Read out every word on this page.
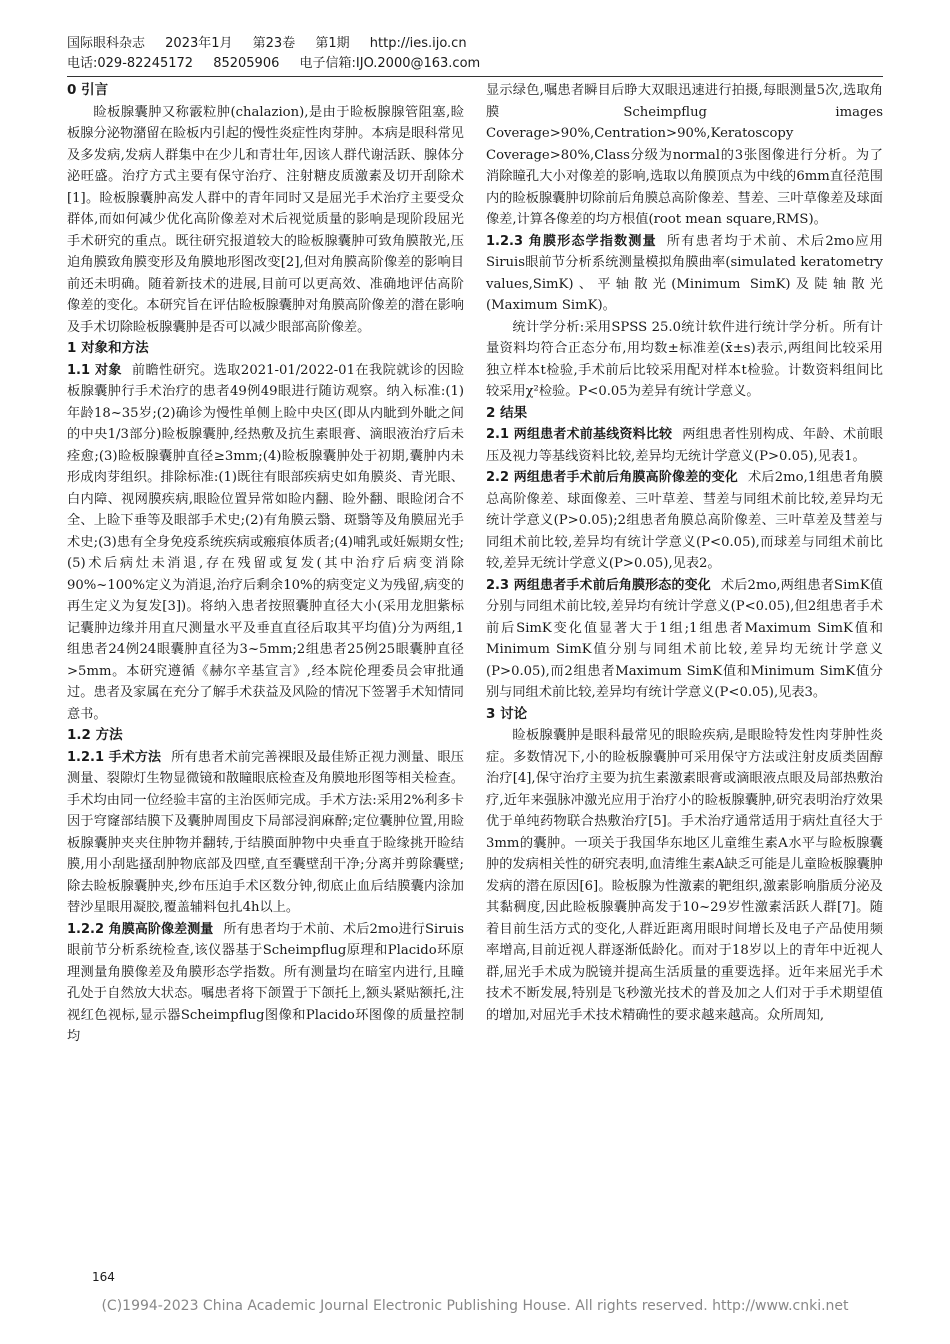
国际眼科杂志 2023年1月 第23卷 第1期 http://ies.ijo.cn
电话:029-82245172 85205906 电子信箱:IJO.2000@163.com
0 引言

睑板腺囊肿又称霰粒肿(chalazion),是由于睑板腺腺管阻塞,睑板腺分泌物潴留在睑板内引起的慢性炎症性肉芽肿。本病是眼科常见及多发病,发病人群集中在少儿和青壮年,因该人群代谢活跃、腺体分泌旺盛。治疗方式主要有保守治疗、注射糖皮质激素及切开刮除术[1]。睑板腺囊肿高发人群中的青年同时又是屈光手术治疗主要受众群体,而如何减少优化高阶像差对术后视觉质量的影响是现阶段屈光手术研究的重点。既往研究报道较大的睑板腺囊肿可致角膜散光,压迫角膜致角膜变形及角膜地形图改变[2],但对角膜高阶像差的影响目前还未明确。随着新技术的进展,目前可以更高效、准确地评估高阶像差的变化。本研究旨在评估睑板腺囊肿对角膜高阶像差的潜在影响及手术切除睑板腺囊肿是否可以减少眼部高阶像差。

1 对象和方法

1.1 对象 前瞻性研究。选取2021-01/2022-01在我院就诊的因睑板腺囊肿行手术治疗的患者49例49眼进行随访观察。纳入标准:(1)年龄18~35岁;(2)确诊为慢性单侧上睑中央区(即从内眦到外眦之间的中央1/3部分)睑板腺囊肿,经热敷及抗生素眼膏、滴眼液治疗后未痊愈;(3)睑板腺囊肿直径≥3mm;(4)睑板腺囊肿处于初期,囊肿内未形成肉芽组织。排除标准:(1)既往有眼部疾病史如角膜炎、青光眼、白内障、视网膜疾病,眼睑位置异常如睑内翻、睑外翻、眼睑闭合不全、上睑下垂等及眼部手术史;(2)有角膜云翳、斑翳等及角膜屈光手术史;(3)患有全身免疫系统疾病或瘢痕体质者;(4)哺乳或妊娠期女性;(5)术后病灶未消退,存在残留或复发(其中治疗后病变消除90%~100%定义为消退,治疗后剩余10%的病变定义为残留,病变的再生定义为复发[3])。将纳入患者按照囊肿直径大小(采用龙胆紫标记囊肿边缘并用直尺测量水平及垂直直径后取其平均值)分为两组,1组患者24例24眼囊肿直径为3~5mm;2组患者25例25眼囊肿直径>5mm。本研究遵循《赫尔辛基宣言》,经本院伦理委员会审批通过。患者及家属在充分了解手术获益及风险的情况下签署手术知情同意书。

1.2 方法

1.2.1 手术方法 所有患者术前完善裸眼及最佳矫正视力测量、眼压测量、裂隙灯生物显微镜和散瞳眼底检查及角膜地形图等相关检查。手术均由同一位经验丰富的主治医师完成。手术方法:采用2%利多卡因于穹窿部结膜下及囊肿周围皮下局部浸润麻醉;定位囊肿位置,用睑板腺囊肿夹夹住肿物并翻转,于结膜面肿物中央垂直于睑缘挑开睑结膜,用小刮匙搔刮肿物底部及四壁,直至囊壁刮干净;分离并剪除囊壁;除去睑板腺囊肿夹,纱布压迫手术区数分钟,彻底止血后结膜囊内涂加替沙星眼用凝胶,覆盖辅料包扎4h以上。

1.2.2 角膜高阶像差测量 所有患者均于术前、术后2mo进行Siruis眼前节分析系统检查,该仪器基于Scheimpflug原理和Placido环原理测量角膜像差及角膜形态学指数。所有测量均在暗室内进行,且瞳孔处于自然放大状态。嘱患者将下颌置于下颌托上,额头紧贴额托,注视红色视标,显示器Scheimpflug图像和Placido环图像的质量控制均

显示绿色,嘱患者瞬目后睁大双眼迅速进行拍摄,每眼测量5次,选取角膜Scheimpflug images Coverage>90%,Centration>90%,Keratoscopy Coverage>80%,Class分级为normal的3张图像进行分析。为了消除瞳孔大小对像差的影响,选取以角膜顶点为中线的6mm直径范围内的睑板腺囊肿切除前后角膜总高阶像差、彗差、三叶草像差及球面像差,计算各像差的均方根值(root mean square,RMS)。

1.2.3 角膜形态学指数测量 所有患者均于术前、术后2mo应用Siruis眼前节分析系统测量模拟角膜曲率(simulated keratometry values,SimK)、平轴散光(Minimum SimK)及陡轴散光(Maximum SimK)。

统计学分析:采用SPSS 25.0统计软件进行统计学分析。所有计量资料均符合正态分布,用均数±标准差(x̄±s)表示,两组间比较采用独立样本t检验,手术前后比较采用配对样本t检验。计数资料组间比较采用χ²检验。P<0.05为差异有统计学意义。

2 结果

2.1 两组患者术前基线资料比较 两组患者性别构成、年龄、术前眼压及视力等基线资料比较,差异均无统计学意义(P>0.05),见表1。

2.2 两组患者手术前后角膜高阶像差的变化 术后2mo,1组患者角膜总高阶像差、球面像差、三叶草差、彗差与同组术前比较,差异均无统计学意义(P>0.05);2组患者角膜总高阶像差、三叶草差及彗差与同组术前比较,差异均有统计学意义(P<0.05),而球差与同组术前比较,差异无统计学意义(P>0.05),见表2。

2.3 两组患者手术前后角膜形态的变化 术后2mo,两组患者SimK值分别与同组术前比较,差异均有统计学意义(P<0.05),但2组患者手术前后SimK变化值显著大于1组;1组患者Maximum SimK值和Minimum SimK值分别与同组术前比较,差异均无统计学意义(P>0.05),而2组患者Maximum SimK值和Minimum SimK值分别与同组术前比较,差异均有统计学意义(P<0.05),见表3。

3 讨论

睑板腺囊肿是眼科最常见的眼睑疾病,是眼睑特发性肉芽肿性炎症。多数情况下,小的睑板腺囊肿可采用保守方法或注射皮质类固醇治疗[4],保守治疗主要为抗生素激素眼膏或滴眼液点眼及局部热敷治疗,近年来强脉冲激光应用于治疗小的睑板腺囊肿,研究表明治疗效果优于单纯药物联合热敷治疗[5]。手术治疗通常适用于病灶直径大于3mm的囊肿。一项关于我国华东地区儿童维生素A水平与睑板腺囊肿的发病相关性的研究表明,血清维生素A缺乏可能是儿童睑板腺囊肿发病的潜在原因[6]。睑板腺为性激素的靶组织,激素影响脂质分泌及其黏稠度,因此睑板腺囊肿高发于10~29岁性激素活跃人群[7]。随着目前生活方式的变化,人群近距离用眼时间增长及电子产品使用频率增高,目前近视人群逐渐低龄化。而对于18岁以上的青年中近视人群,屈光手术成为脱镜并提高生活质量的重要选择。近年来屈光手术技术不断发展,特别是飞秒激光技术的普及加之人们对于手术期望值的增加,对屈光手术技术精确性的要求越来越高。众所周知,

164
(C)1994-2023 China Academic Journal Electronic Publishing House. All rights reserved. http://www.cnki.net
